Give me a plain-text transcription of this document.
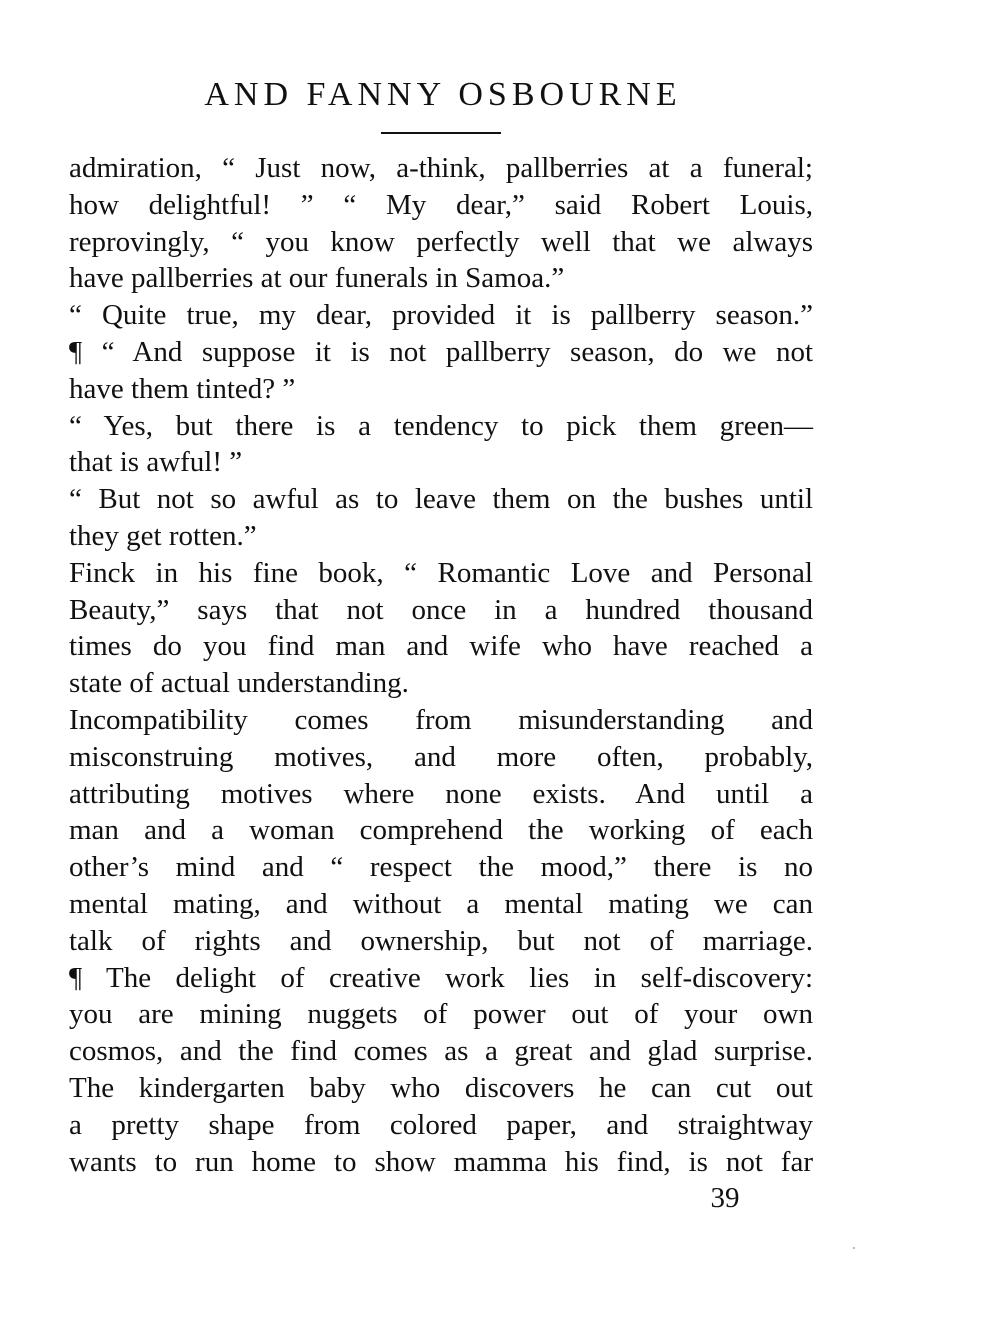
AND FANNY OSBOURNE
admiration, “ Just now, a-think, pallberries at a funeral;
how delightful! ” “ My dear,” said Robert Louis,
reprovingly, “ you know perfectly well that we always
have pallberries at our funerals in Samoa.”
“ Quite true, my dear, provided it is pallberry season.”
¶ “ And suppose it is not pallberry season, do we not
have them tinted? ”
“ Yes, but there is a tendency to pick them green—
that is awful! ”
“ But not so awful as to leave them on the bushes until
they get rotten.”
Finck in his fine book, “ Romantic Love and Personal
Beauty,” says that not once in a hundred thousand
times do you find man and wife who have reached a
state of actual understanding.
Incompatibility comes from misunderstanding and
misconstruing motives, and more often, probably,
attributing motives where none exists. And until a
man and a woman comprehend the working of each
other’s mind and “ respect the mood,” there is no
mental mating, and without a mental mating we can
talk of rights and ownership, but not of marriage.
¶ The delight of creative work lies in self-discovery:
you are mining nuggets of power out of your own
cosmos, and the find comes as a great and glad surprise.
The kindergarten baby who discovers he can cut out
a pretty shape from colored paper, and straightway
wants to run home to show mamma his find, is not far
39
